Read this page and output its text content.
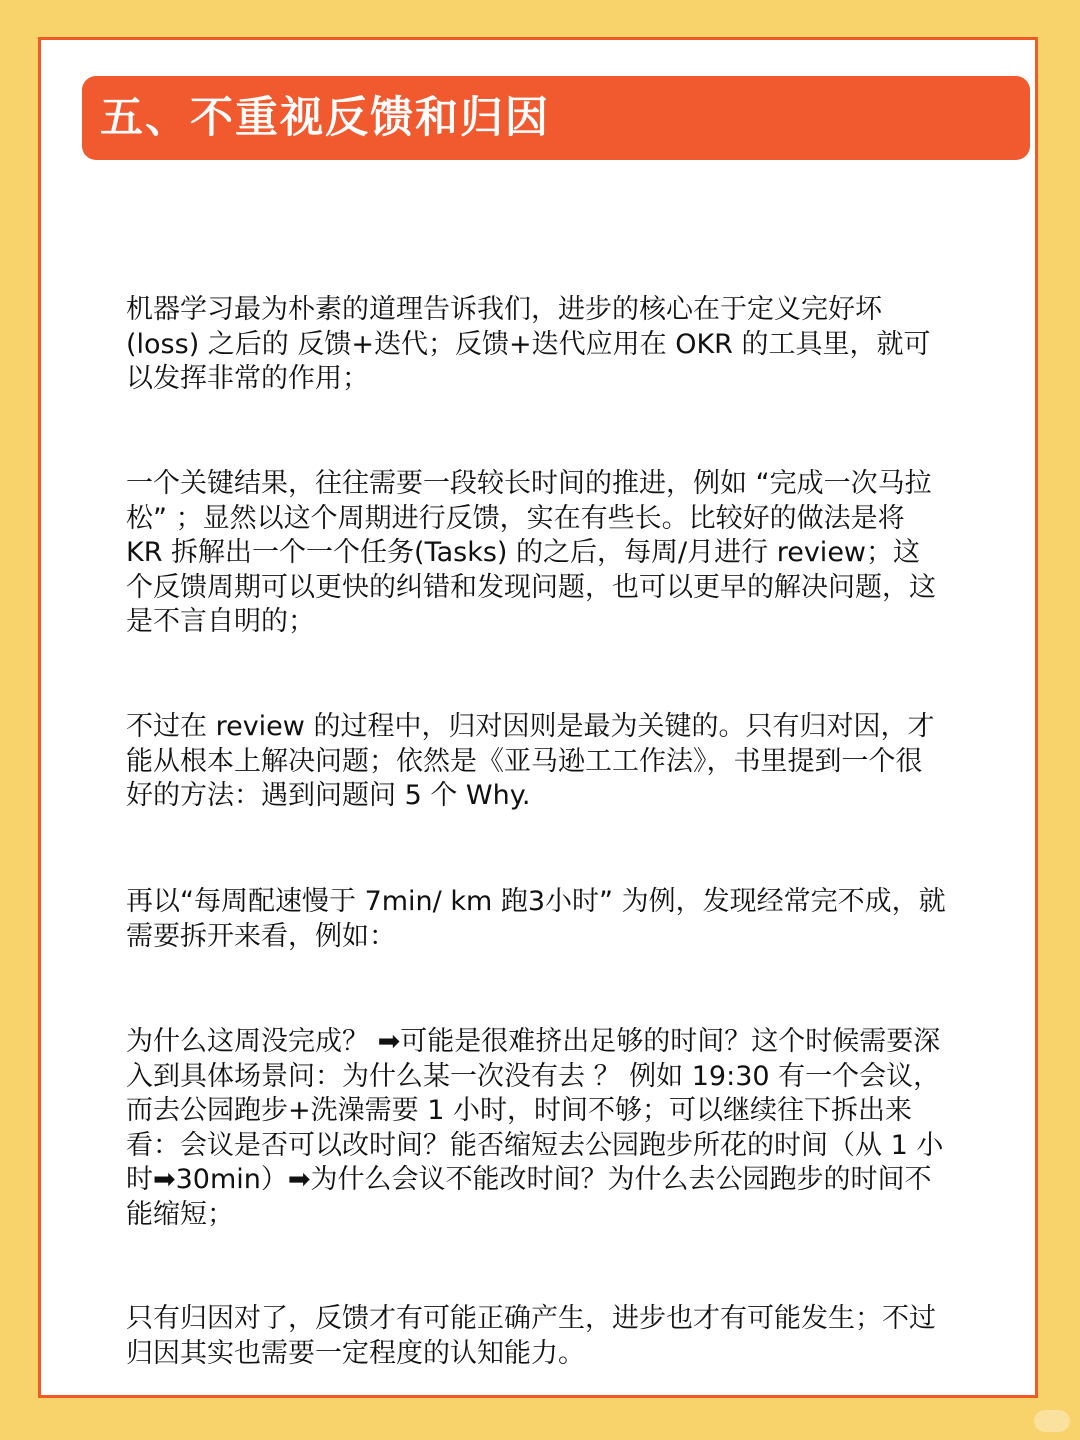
五、不重视反馈和归因

机器学习最为朴素的道理告诉我们，进步的核心在于定义完好坏(loss) 之后的 反馈+迭代；反馈+迭代应用在 OKR 的工具里，就可以发挥非常的作用；

一个关键结果，往往需要一段较长时间的推进，例如 “完成一次马拉松” ；显然以这个周期进行反馈，实在有些长。比较好的做法是将 KR 拆解出一个一个任务(Tasks) 的之后，每周/月进行 review；这个反馈周期可以更快的纠错和发现问题，也可以更早的解决问题，这是不言自明的；

不过在 review 的过程中，归对因则是最为关键的。只有归对因，才能从根本上解决问题；依然是《亚马逊工工作法》，书里提到一个很好的方法：遇到问题问 5 个 Why.

再以“每周配速慢于 7min/ km 跑3小时” 为例，发现经常完不成，就需要拆开来看，例如：

为什么这周没完成？ ➡可能是很难挤出足够的时间？这个时候需要深入到具体场景问：为什么某一次没有去 ？ 例如 19:30 有一个会议，而去公园跑步+洗澡需要 1 小时，时间不够；可以继续往下拆出来看：会议是否可以改时间？能否缩短去公园跑步所花的时间（从 1 小时➡30min）➡为什么会议不能改时间？为什么去公园跑步的时间不能缩短；

只有归因对了，反馈才有可能正确产生，进步也才有可能发生；不过归因其实也需要一定程度的认知能力。
